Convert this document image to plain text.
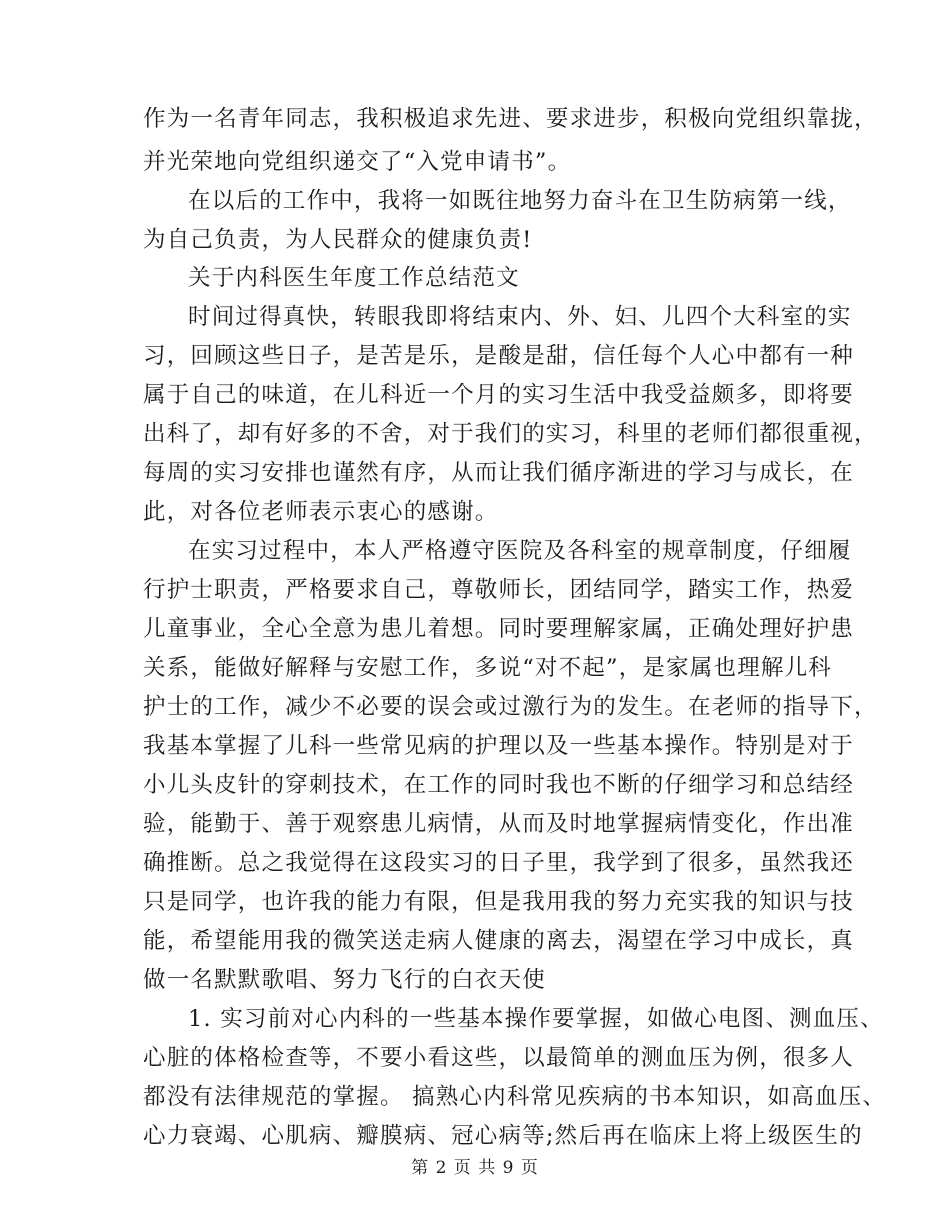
作为一名青年同志，我积极追求先进、要求进步，积极向党组织靠拢，
并光荣地向党组织递交了“入党申请书”。
在以后的工作中，我将一如既往地努力奋斗在卫生防病第一线，
为自己负责，为人民群众的健康负责!
关于内科医生年度工作总结范文
时间过得真快，转眼我即将结束内、外、妇、儿四个大科室的实
习，回顾这些日子，是苦是乐，是酸是甜，信任每个人心中都有一种
属于自己的味道，在儿科近一个月的实习生活中我受益颇多，即将要
出科了，却有好多的不舍，对于我们的实习，科里的老师们都很重视，
每周的实习安排也谨然有序，从而让我们循序渐进的学习与成长，在
此，对各位老师表示衷心的感谢。
在实习过程中，本人严格遵守医院及各科室的规章制度，仔细履
行护士职责，严格要求自己，尊敬师长，团结同学，踏实工作，热爱
儿童事业，全心全意为患儿着想。同时要理解家属，正确处理好护患
关系，能做好解释与安慰工作，多说“对不起”，是家属也理解儿科
护士的工作，减少不必要的误会或过激行为的发生。在老师的指导下，
我基本掌握了儿科一些常见病的护理以及一些基本操作。特别是对于
小儿头皮针的穿刺技术，在工作的同时我也不断的仔细学习和总结经
验，能勤于、善于观察患儿病情，从而及时地掌握病情变化，作出准
确推断。总之我觉得在这段实习的日子里，我学到了很多，虽然我还
只是同学，也许我的能力有限，但是我用我的努力充实我的知识与技
能，希望能用我的微笑送走病人健康的离去，渴望在学习中成长，真
做一名默默歌唱、努力飞行的白衣天使
1. 实习前对心内科的一些基本操作要掌握，如做心电图、测血压、
心脏的体格检查等，不要小看这些，以最简单的测血压为例，很多人
都没有法律规范的掌握。 搞熟心内科常见疾病的书本知识，如高血压、
心力衰竭、心肌病、瓣膜病、冠心病等;然后再在临床上将上级医生的
第 2 页 共 9 页
